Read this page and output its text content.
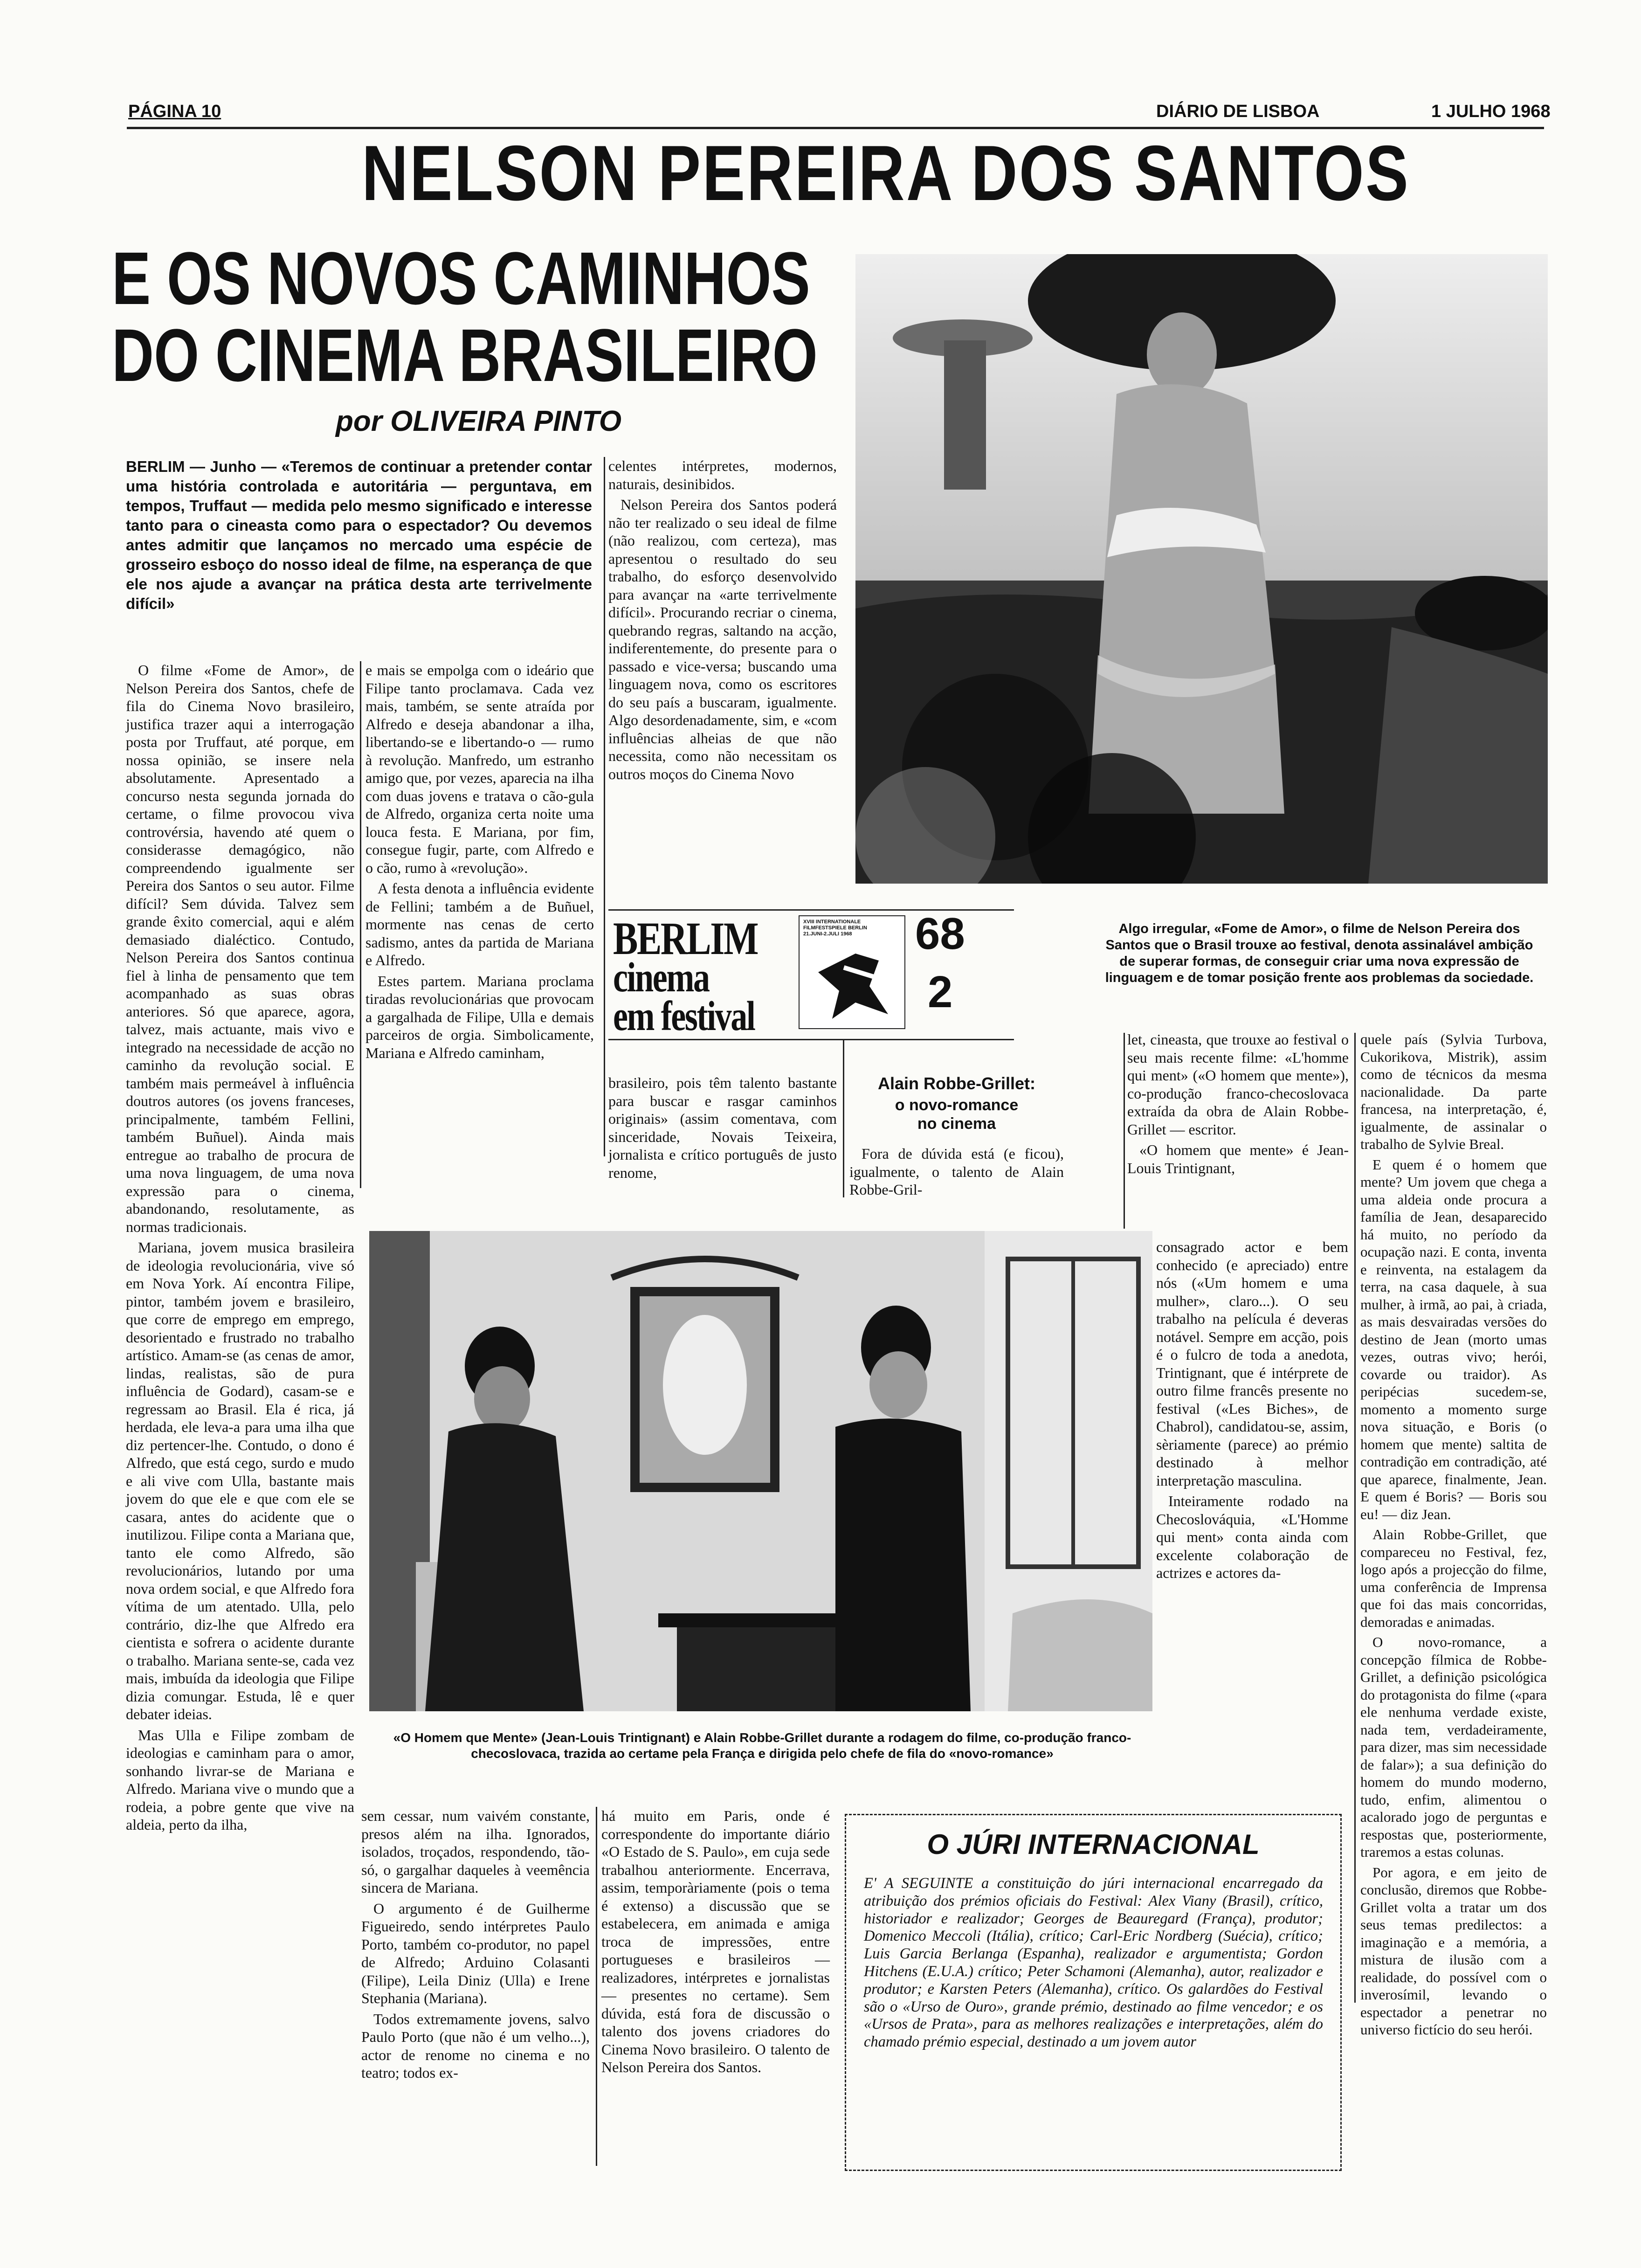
PÁGINA 10	DIÁRIO DE LISBOA	1 JULHO 1968
NELSON PEREIRA DOS SANTOS
E OS NOVOS CAMINHOS
DO CINEMA BRASILEIRO
por OLIVEIRA PINTO
BERLIM — Junho — «Teremos de continuar a pretender contar uma história controlada e autoritária — perguntava, em tempos, Truffaut — medida pelo mesmo significado e interesse tanto para o cineasta como para o espectador? Ou devemos antes admitir que lançamos no mercado uma espécie de grosseiro esboço do nosso ideal de filme, na esperança de que ele nos ajude a avançar na prática desta arte terrivelmente difícil»

O filme «Fome de Amor», de Nelson Pereira dos Santos, chefe de fila do Cinema Novo brasileiro, justifica trazer aqui a interrogação posta por Truffaut, até porque, em nossa opinião, se insere nela absolutamente. Apresentado a concurso nesta segunda jornada do certame, o filme provocou viva controvérsia, havendo até quem o considerasse demagógico, não compreendendo igualmente ser Pereira dos Santos o seu autor. Filme difícil? Sem dúvida. Talvez sem grande êxito comercial, aqui e além demasiado dialéctico. Contudo, Nelson Pereira dos Santos continua fiel à linha de pensamento que tem acompanhado as suas obras anteriores. Só que aparece, agora, talvez, mais actuante, mais vivo e integrado na necessidade de acção no caminho da revolução social. E também mais permeável à influência doutros autores (os jovens franceses, principalmente, também Fellini, também Buñuel). Ainda mais entregue ao trabalho de procura de uma nova linguagem, de uma nova expressão para o cinema, abandonando, resolutamente, as normas tradicionais.

Mariana, jovem musica brasileira de ideologia revolucionária, vive só em Nova York. Aí encontra Filipe, pintor, também jovem e brasileiro, que corre de emprego em emprego, desorientado e frustrado no trabalho artístico. Amam-se (as cenas de amor, lindas, realistas, são de pura influência de Godard), casam-se e regressam ao Brasil. Ela é rica, já herdada, ele leva-a para uma ilha que diz pertencer-lhe. Contudo, o dono é Alfredo, que está cego, surdo e mudo e ali vive com Ulla, bastante mais jovem do que ele e que com ele se casara, antes do acidente que o inutilizou. Filipe conta a Mariana que, tanto ele como Alfredo, são revolucionários, lutando por uma nova ordem social, e que Alfredo fora vítima de um atentado. Ulla, pelo contrário, diz-lhe que Alfredo era cientista e sofrera o acidente durante o trabalho. Mariana sente-se, cada vez mais, imbuída da ideologia que Filipe dizia comungar. Estuda, lê e quer debater ideias.

Mas Ulla e Filipe zombam de ideologias e caminham para o amor, sonhando livrar-se de Mariana e Alfredo. Mariana vive o mundo que a rodeia, a pobre gente que vive na aldeia, perto da ilha,

e mais se empolga com o ideário que Filipe tanto proclamava. Cada vez mais, também, se sente atraída por Alfredo e deseja abandonar a ilha, libertando-se e libertando-o — rumo à revolução. Manfredo, um estranho amigo que, por vezes, aparecia na ilha com duas jovens e tratava o cão-gula de Alfredo, organiza certa noite uma louca festa. E Mariana, por fim, consegue fugir, parte, com Alfredo e o cão, rumo à «revolução».

A festa denota a influência evidente de Fellini; também a de Buñuel, mormente nas cenas de certo sadismo, antes da partida de Mariana e Alfredo.

Estes partem. Mariana proclama tiradas revolucionárias que provocam a gargalhada de Filipe, Ulla e demais parceiros de orgia. Simbolicamente, Mariana e Alfredo caminham,

celentes intérpretes, modernos, naturais, desinibidos.

Nelson Pereira dos Santos poderá não ter realizado o seu ideal de filme (não realizou, com certeza), mas apresentou o resultado do seu trabalho, do esforço desenvolvido para avançar na «arte terrivelmente difícil». Procurando recriar o cinema, quebrando regras, saltando na acção, indiferentemente, do presente para o passado e vice-versa; buscando uma linguagem nova, como os escritores do seu país a buscaram, igualmente. Algo desordenadamente, sim, e «com influências alheias de que não necessita, como não necessitam os outros moços do Cinema Novo

BERLIM
cinema
em festival
XVIII INTERNATIONALE FILMFESTSPIELE BERLIN 21.JUNI-2.JULI 1968	68
2

brasileiro, pois têm talento bastante para buscar e rasgar caminhos originais» (assim comentava, com sinceridade, Novais Teixeira, jornalista e crítico português de justo renome,

Alain Robbe-Grillet:
o novo-romance no cinema

Fora de dúvida está (e ficou), igualmente, o talento de Alain Robbe-Gril-

Algo irregular, «Fome de Amor», o filme de Nelson Pereira dos Santos que o Brasil trouxe ao festival, denota assinalável ambição de superar formas, de conseguir criar uma nova expressão de linguagem e de tomar posição frente aos problemas da sociedade.
«O Homem que Mente» (Jean-Louis Trintignant) e Alain Robbe-Grillet durante a rodagem do filme, co-produção franco-checoslovaca, trazida ao certame pela França e dirigida pelo chefe de fila do «novo-romance»

let, cineasta, que trouxe ao festival o seu mais recente filme: «L'homme qui ment» («O homem que mente»), co-produção franco-checoslovaca extraída da obra de Alain Robbe-Grillet — escritor.

«O homem que mente» é Jean-Louis Trintignant,

consagrado actor e bem conhecido (e apreciado) entre nós («Um homem e uma mulher», claro...). O seu trabalho na película é deveras notável. Sempre em acção, pois é o fulcro de toda a anedota, Trintignant, que é intérprete de outro filme francês presente no festival («Les Biches», de Chabrol), candidatou-se, assim, sèriamente (parece) ao prémio destinado à melhor interpretação masculina.

Inteiramente rodado na Checoslováquia, «L'Homme qui ment» conta ainda com excelente colaboração de actrizes e actores da-

quele país (Sylvia Turbova, Cukorikova, Mistrik), assim como de técnicos da mesma nacionalidade. Da parte francesa, na interpretação, é, igualmente, de assinalar o trabalho de Sylvie Breal.

E quem é o homem que mente? Um jovem que chega a uma aldeia onde procura a família de Jean, desaparecido há muito, no período da ocupação nazi. E conta, inventa e reinventa, na estalagem da terra, na casa daquele, à sua mulher, à irmã, ao pai, à criada, as mais desvairadas versões do destino de Jean (morto umas vezes, outras vivo; herói, covarde ou traidor). As peripécias sucedem-se, momento a momento surge nova situação, e Boris (o homem que mente) saltita de contradição em contradição, até que aparece, finalmente, Jean. E quem é Boris? — Boris sou eu! — diz Jean.

Alain Robbe-Grillet, que compareceu no Festival, fez, logo após a projecção do filme, uma conferência de Imprensa que foi das mais concorridas, demoradas e animadas.

O novo-romance, a concepção fílmica de Robbe-Grillet, a definição psicológica do protagonista do filme («para ele nenhuma verdade existe, nada tem, verdadeiramente, para dizer, mas sim necessidade de falar»); a sua definição do homem do mundo moderno, tudo, enfim, alimentou o acalorado jogo de perguntas e respostas que, posteriormente, traremos a estas colunas.

Por agora, e em jeito de conclusão, diremos que Robbe-Grillet volta a tratar um dos seus temas predilectos: a imaginação e a memória, a mistura de ilusão com a realidade, do possível com o inverosímil, levando o espectador a penetrar no universo fictício do seu herói.

sem cessar, num vaivém constante, presos além na ilha. Ignorados, isolados, troçados, respondendo, tão-só, o gargalhar daqueles à veemência sincera de Mariana.

O argumento é de Guilherme Figueiredo, sendo intérpretes Paulo Porto, também co-produtor, no papel de Alfredo; Arduino Colasanti (Filipe), Leila Diniz (Ulla) e Irene Stephania (Mariana).

Todos extremamente jovens, salvo Paulo Porto (que não é um velho...), actor de renome no cinema e no teatro; todos ex-

há muito em Paris, onde é correspondente do importante diário «O Estado de S. Paulo», em cuja sede trabalhou anteriormente. Encerrava, assim, temporàriamente (pois o tema é extenso) a discussão que se estabelecera, em animada e amiga troca de impressões, entre portugueses e brasileiros — realizadores, intérpretes e jornalistas — presentes no certame). Sem dúvida, está fora de discussão o talento dos jovens criadores do Cinema Novo brasileiro. O talento de Nelson Pereira dos Santos.

O JÚRI INTERNACIONAL
E' A SEGUINTE a constituição do júri internacional encarregado da atribuição dos prémios oficiais do Festival: Alex Viany (Brasil), crítico, historiador e realizador; Georges de Beauregard (França), produtor; Domenico Meccoli (Itália), crítico; Carl-Eric Nordberg (Suécia), crítico; Luis Garcia Berlanga (Espanha), realizador e argumentista; Gordon Hitchens (E.U.A.) crítico; Peter Schamoni (Alemanha), autor, realizador e produtor; e Karsten Peters (Alemanha), crítico. Os galardões do Festival são o «Urso de Ouro», grande prémio, destinado ao filme vencedor; e os «Ursos de Prata», para as melhores realizações e interpretações, além do chamado prémio especial, destinado a um jovem autor
